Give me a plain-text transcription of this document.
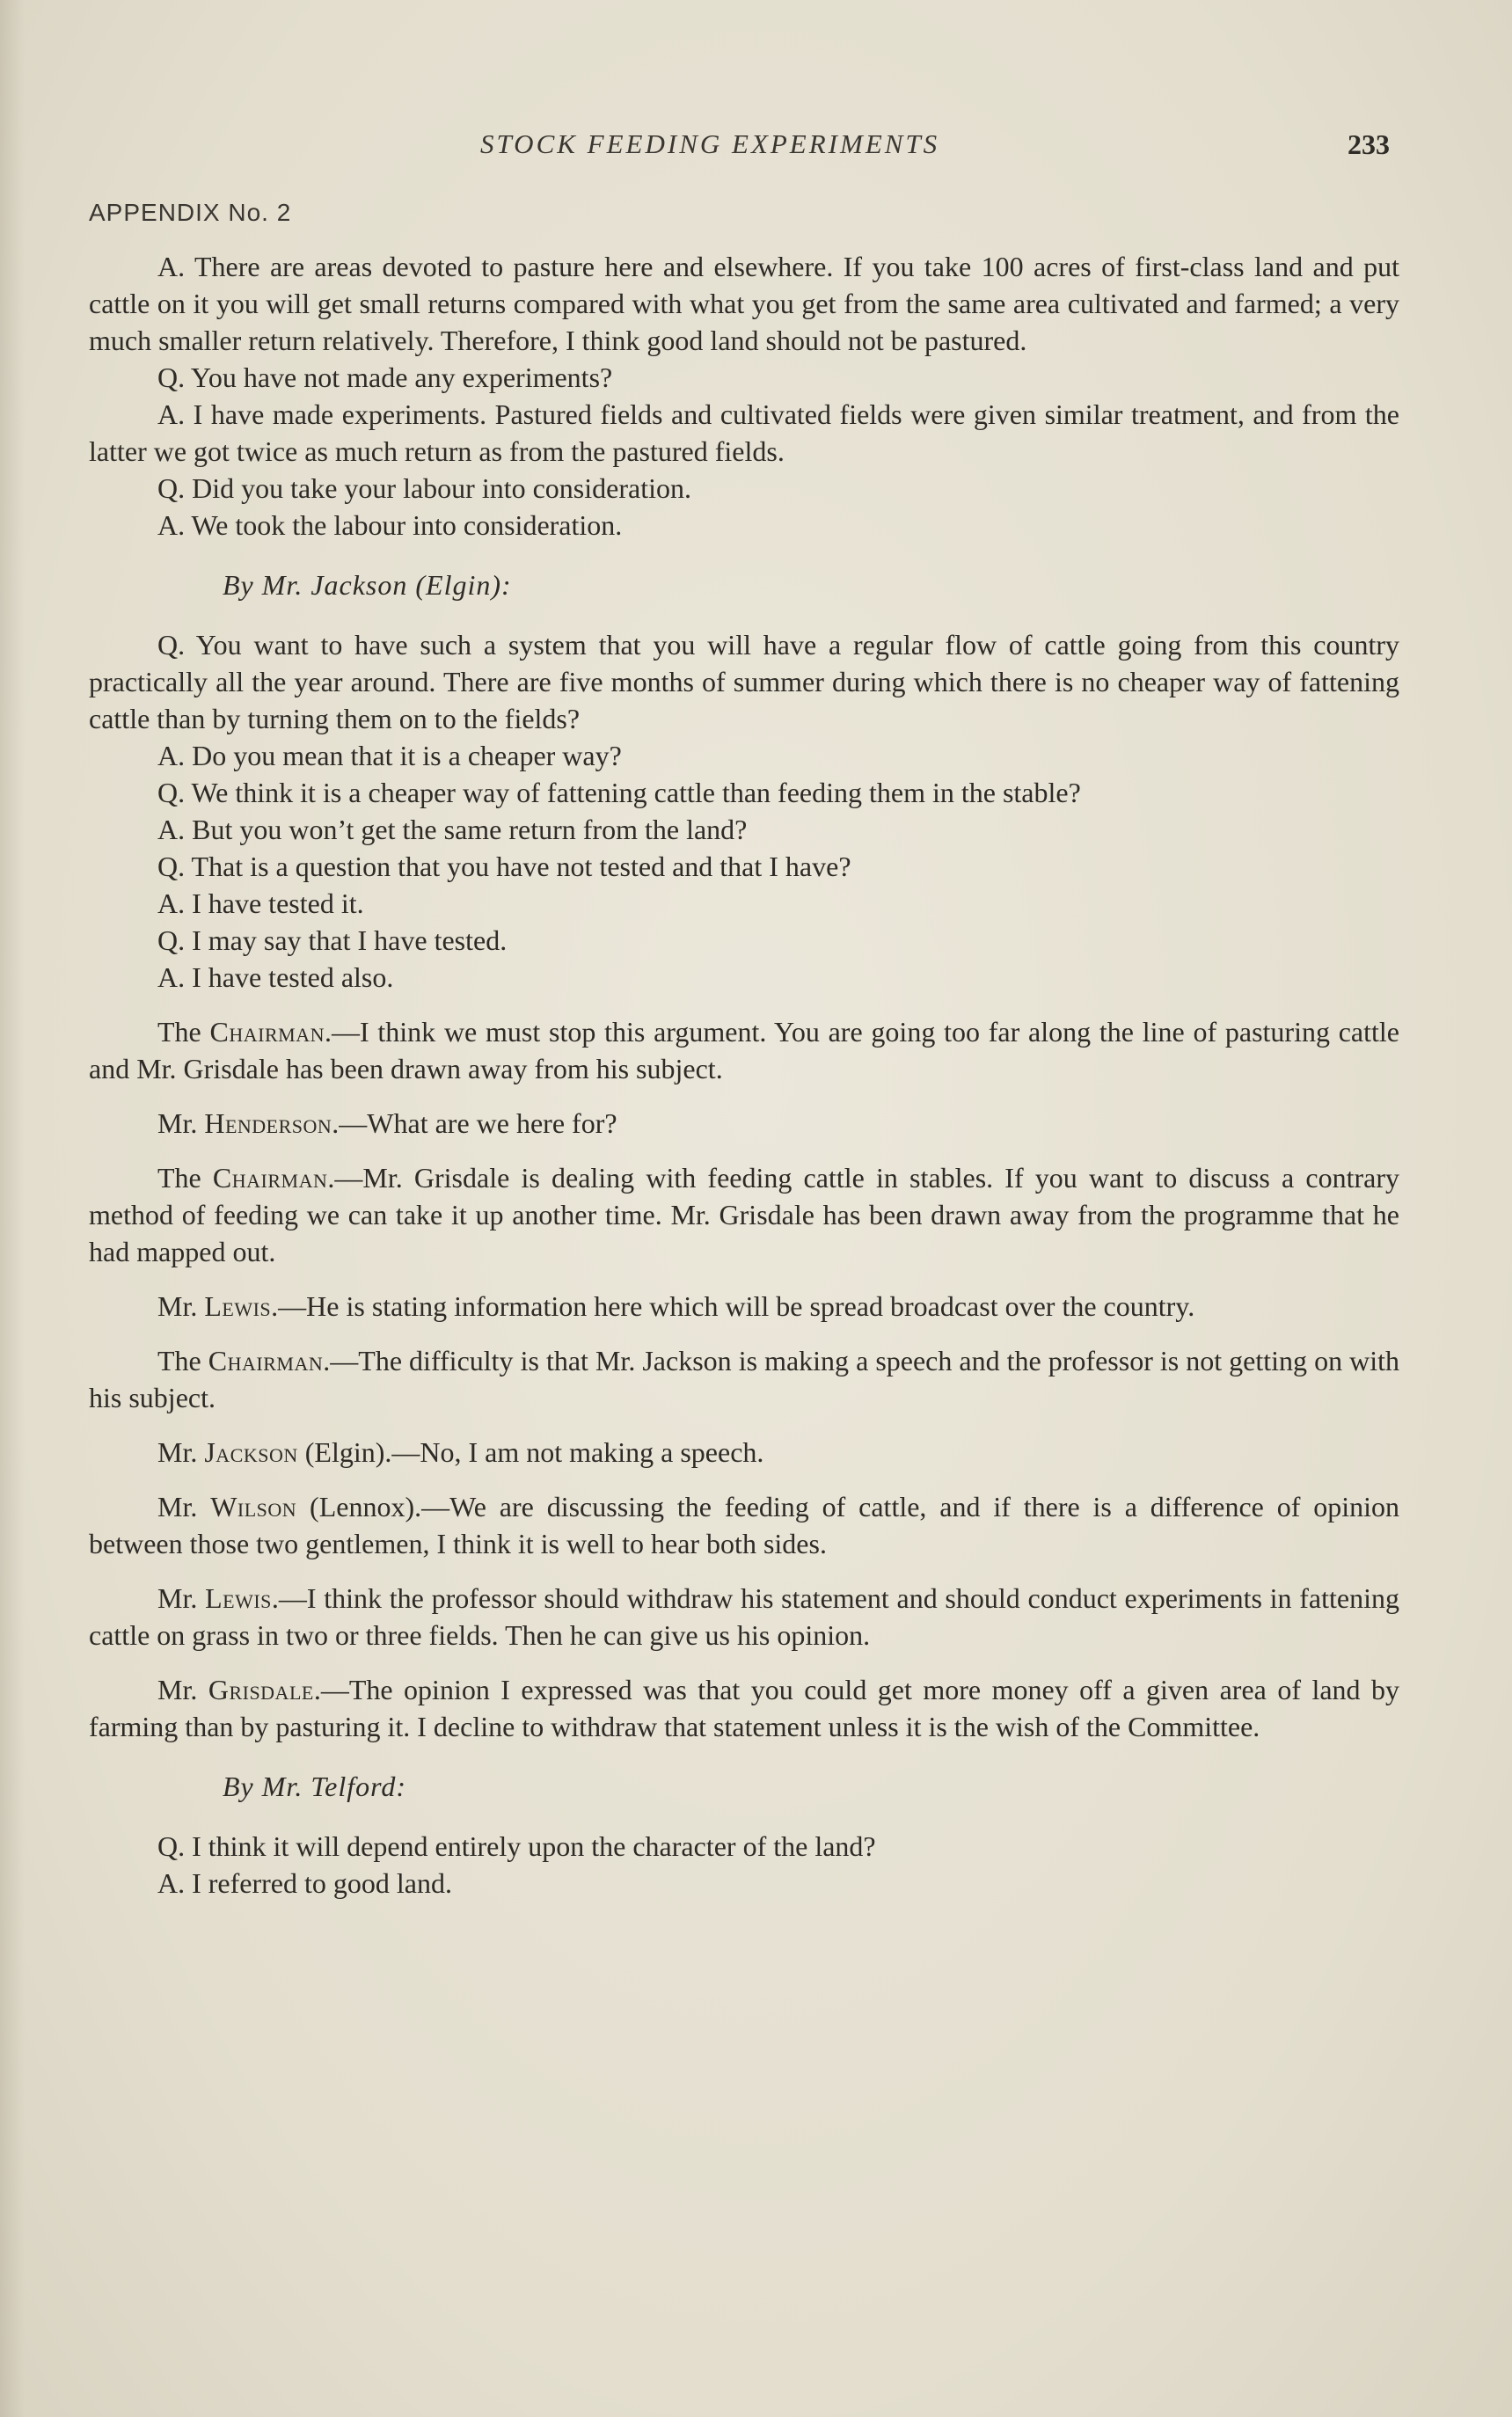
STOCK FEEDING EXPERIMENTS	233
APPENDIX No. 2

A. There are areas devoted to pasture here and elsewhere. If you take 100 acres of first-class land and put cattle on it you will get small returns compared with what you get from the same area cultivated and farmed; a very much smaller return relatively. Therefore, I think good land should not be pastured.

Q. You have not made any experiments?

A. I have made experiments. Pastured fields and cultivated fields were given similar treatment, and from the latter we got twice as much return as from the pastured fields.

Q. Did you take your labour into consideration.

A. We took the labour into consideration.

By Mr. Jackson (Elgin):

Q. You want to have such a system that you will have a regular flow of cattle going from this country practically all the year around. There are five months of summer during which there is no cheaper way of fattening cattle than by turning them on to the fields?

A. Do you mean that it is a cheaper way?

Q. We think it is a cheaper way of fattening cattle than feeding them in the stable?

A. But you won’t get the same return from the land?

Q. That is a question that you have not tested and that I have?

A. I have tested it.

Q. I may say that I have tested.

A. I have tested also.

The Chairman.—I think we must stop this argument. You are going too far along the line of pasturing cattle and Mr. Grisdale has been drawn away from his subject.

Mr. Henderson.—What are we here for?

The Chairman.—Mr. Grisdale is dealing with feeding cattle in stables. If you want to discuss a contrary method of feeding we can take it up another time. Mr. Grisdale has been drawn away from the programme that he had mapped out.

Mr. Lewis.—He is stating information here which will be spread broadcast over the country.

The Chairman.—The difficulty is that Mr. Jackson is making a speech and the professor is not getting on with his subject.

Mr. Jackson (Elgin).—No, I am not making a speech.

Mr. Wilson (Lennox).—We are discussing the feeding of cattle, and if there is a difference of opinion between those two gentlemen, I think it is well to hear both sides.

Mr. Lewis.—I think the professor should withdraw his statement and should conduct experiments in fattening cattle on grass in two or three fields. Then he can give us his opinion.

Mr. Grisdale.—The opinion I expressed was that you could get more money off a given area of land by farming than by pasturing it. I decline to withdraw that statement unless it is the wish of the Committee.

By Mr. Telford:

Q. I think it will depend entirely upon the character of the land?

A. I referred to good land.
